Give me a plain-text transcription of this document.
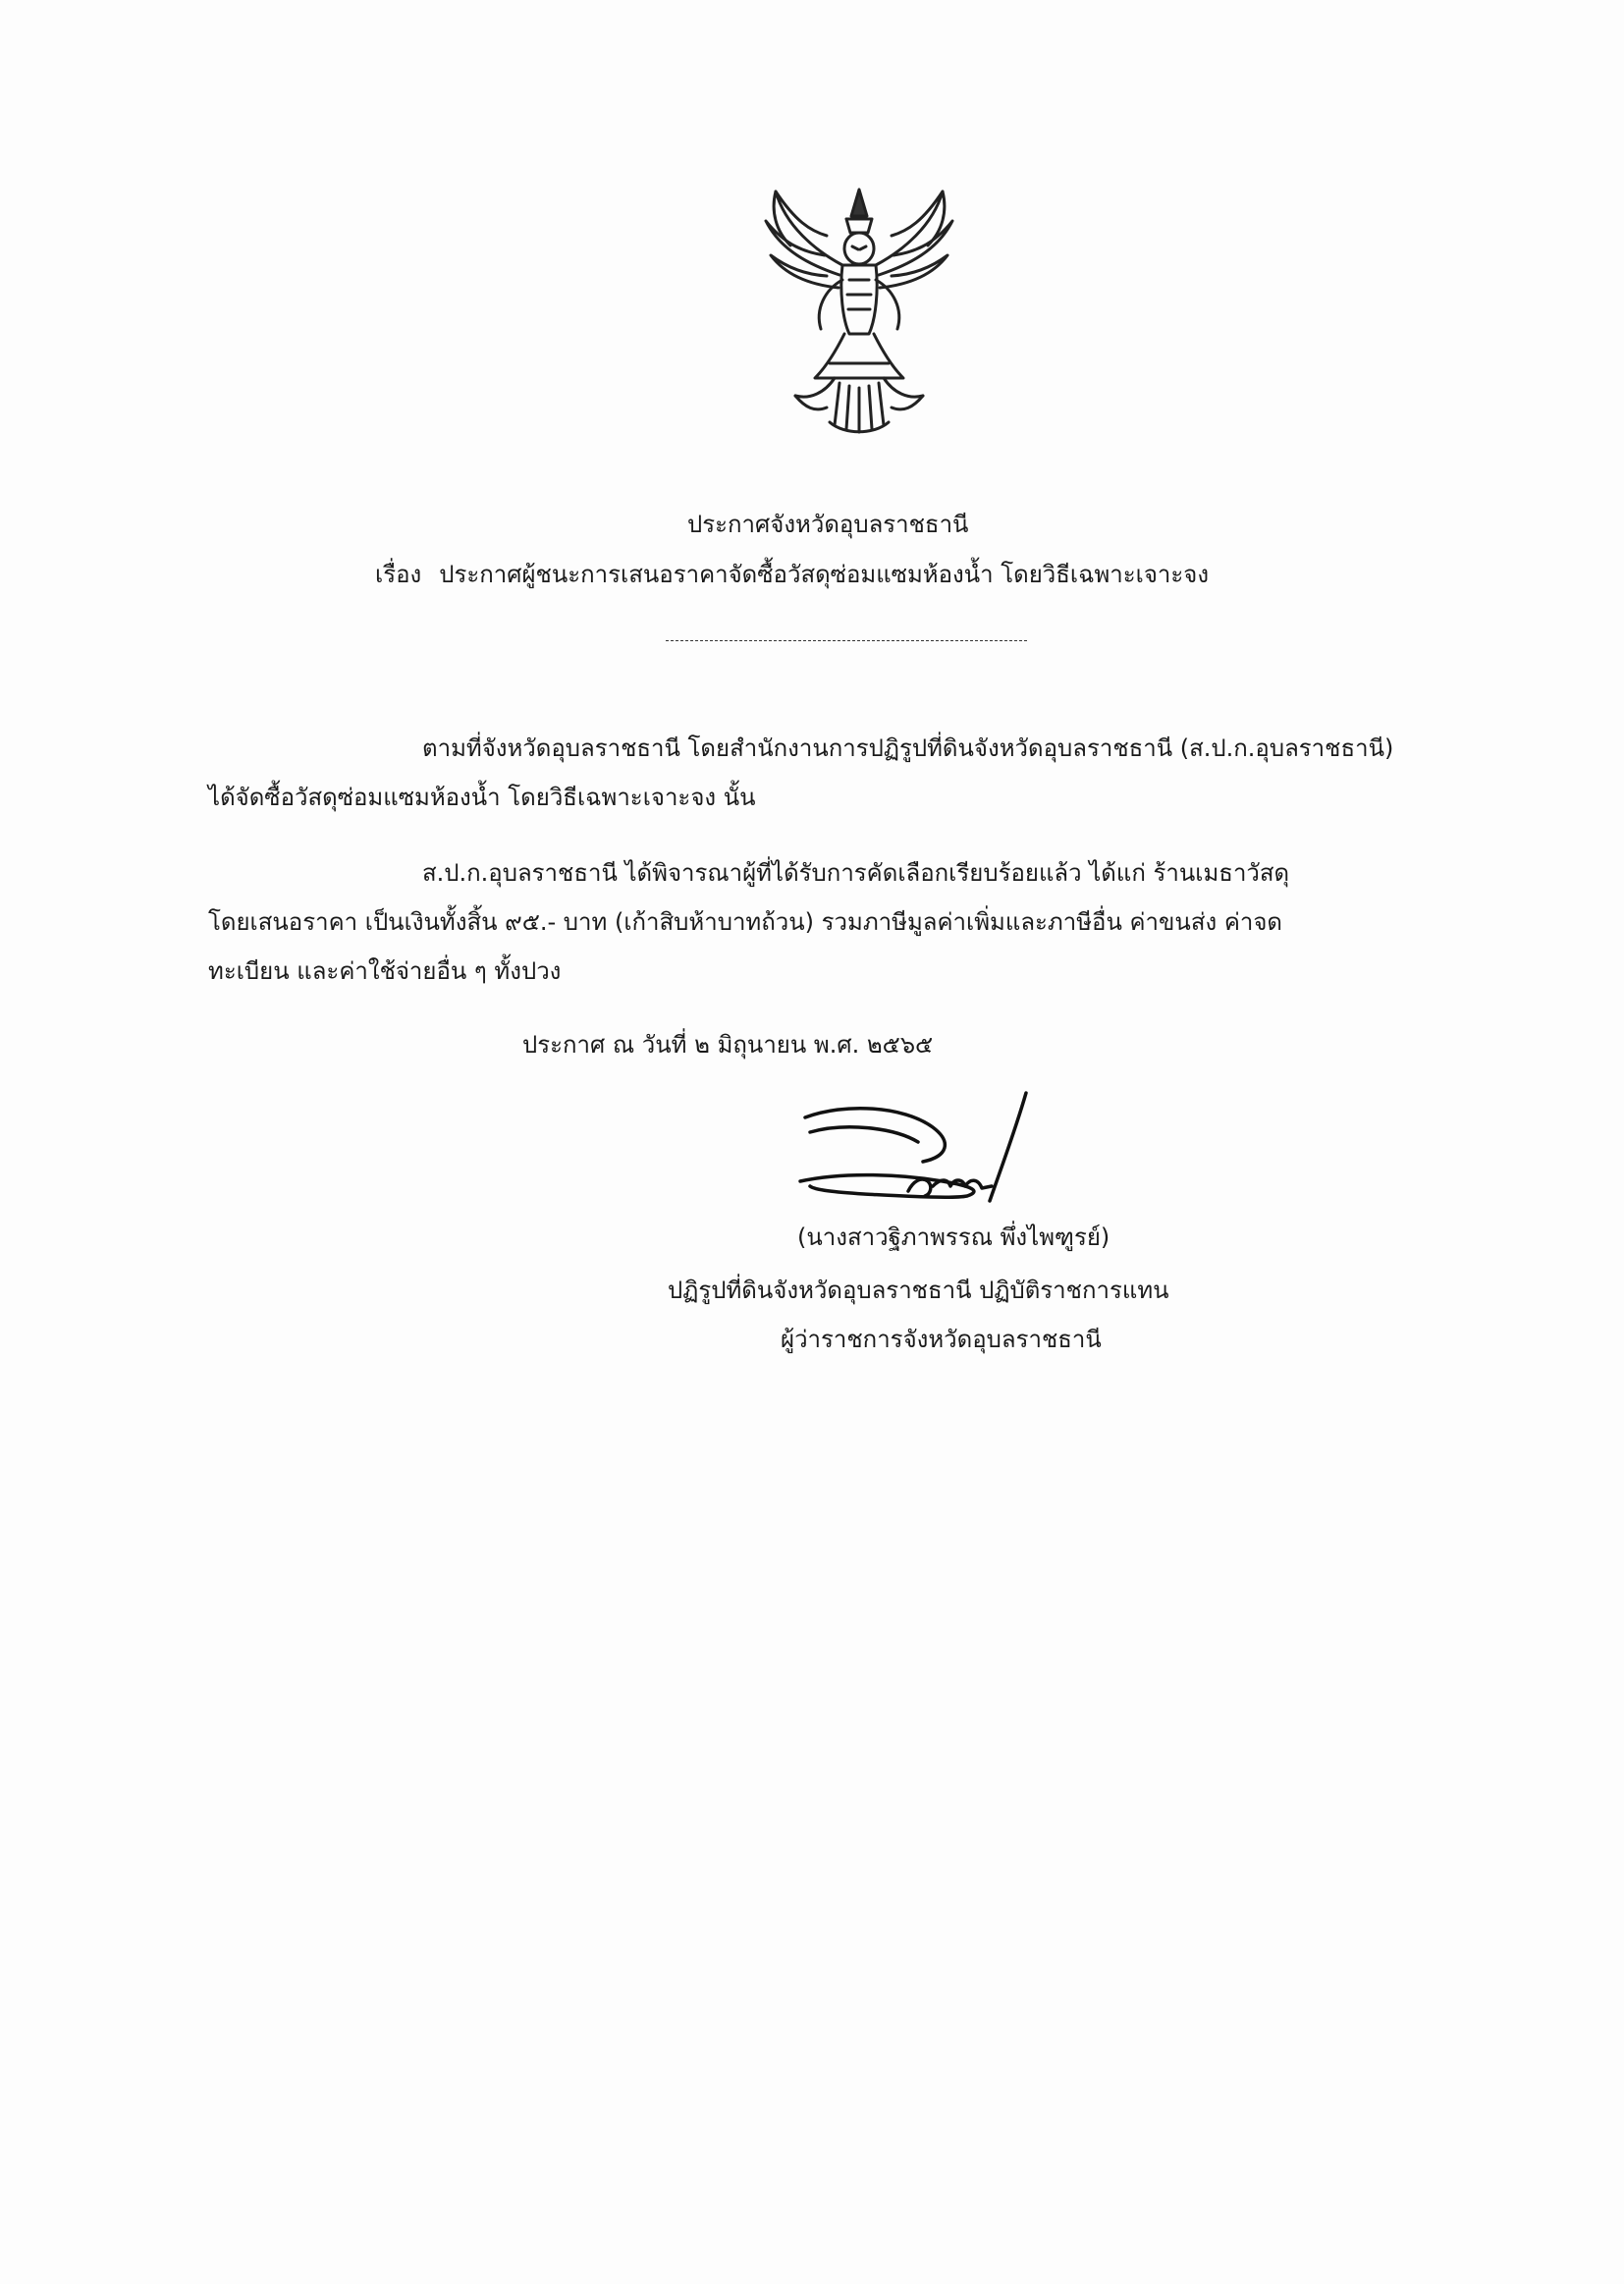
ประกาศจังหวัดอุบลราชธานี
เรื่อง ประกาศผู้ชนะการเสนอราคาจัดซื้อวัสดุซ่อมแซมห้องน้ำ โดยวิธีเฉพาะเจาะจง
ตามที่จังหวัดอุบลราชธานี โดยสำนักงานการปฏิรูปที่ดินจังหวัดอุบลราชธานี (ส.ป.ก.อุบลราชธานี)
ได้จัดซื้อวัสดุซ่อมแซมห้องน้ำ โดยวิธีเฉพาะเจาะจง นั้น
ส.ป.ก.อุบลราชธานี ได้พิจารณาผู้ที่ได้รับการคัดเลือกเรียบร้อยแล้ว ได้แก่ ร้านเมธาวัสดุ
โดยเสนอราคา เป็นเงินทั้งสิ้น ๙๕.- บาท (เก้าสิบห้าบาทถ้วน) รวมภาษีมูลค่าเพิ่มและภาษีอื่น ค่าขนส่ง ค่าจด
ทะเบียน และค่าใช้จ่ายอื่น ๆ ทั้งปวง
ประกาศ ณ วันที่ ๒ มิถุนายน พ.ศ. ๒๕๖๕
(นางสาวฐิภาพรรณ พึ่งไพฑูรย์)
ปฏิรูปที่ดินจังหวัดอุบลราชธานี ปฏิบัติราชการแทน
ผู้ว่าราชการจังหวัดอุบลราชธานี
